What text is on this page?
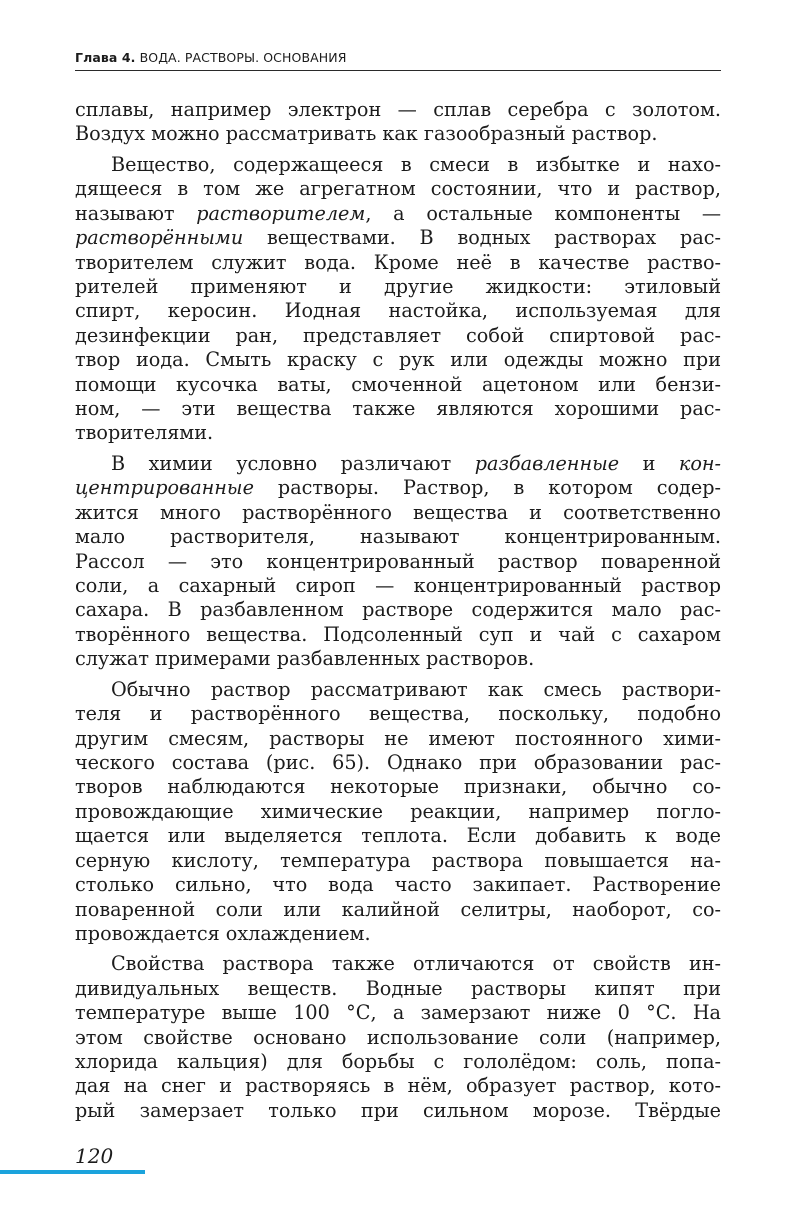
Глава 4. ВОДА. РАСТВОРЫ. ОСНОВАНИЯ
сплавы, например электрон — сплав серебра с золотом.
Воздух можно рассматривать как газообразный раствор.
Вещество, содержащееся в смеси в избытке и нахо-
дящееся в том же агрегатном состоянии, что и раствор,
называют растворителем, а остальные компоненты —
растворёнными веществами. В водных растворах рас-
творителем служит вода. Кроме неё в качестве раство-
рителей применяют и другие жидкости: этиловый
спирт, керосин. Иодная настойка, используемая для
дезинфекции ран, представляет собой спиртовой рас-
твор иода. Смыть краску с рук или одежды можно при
помощи кусочка ваты, смоченной ацетоном или бензи-
ном, — эти вещества также являются хорошими рас-
творителями.
В химии условно различают разбавленные и кон-
центрированные растворы. Раствор, в котором содер-
жится много растворённого вещества и соответственно
мало растворителя, называют концентрированным.
Рассол — это концентрированный раствор поваренной
соли, а сахарный сироп — концентрированный раствор
сахара. В разбавленном растворе содержится мало рас-
творённого вещества. Подсоленный суп и чай с сахаром
служат примерами разбавленных растворов.
Обычно раствор рассматривают как смесь раствори-
теля и растворённого вещества, поскольку, подобно
другим смесям, растворы не имеют постоянного хими-
ческого состава (рис. 65). Однако при образовании рас-
творов наблюдаются некоторые признаки, обычно со-
провождающие химические реакции, например погло-
щается или выделяется теплота. Если добавить к воде
серную кислоту, температура раствора повышается на-
столько сильно, что вода часто закипает. Растворение
поваренной соли или калийной селитры, наоборот, со-
провождается охлаждением.
Свойства раствора также отличаются от свойств ин-
дивидуальных веществ. Водные растворы кипят при
температуре выше 100 °С, а замерзают ниже 0 °С. На
этом свойстве основано использование соли (например,
хлорида кальция) для борьбы с гололёдом: соль, попа-
дая на снег и растворяясь в нём, образует раствор, кото-
рый замерзает только при сильном морозе. Твёрдые
120
